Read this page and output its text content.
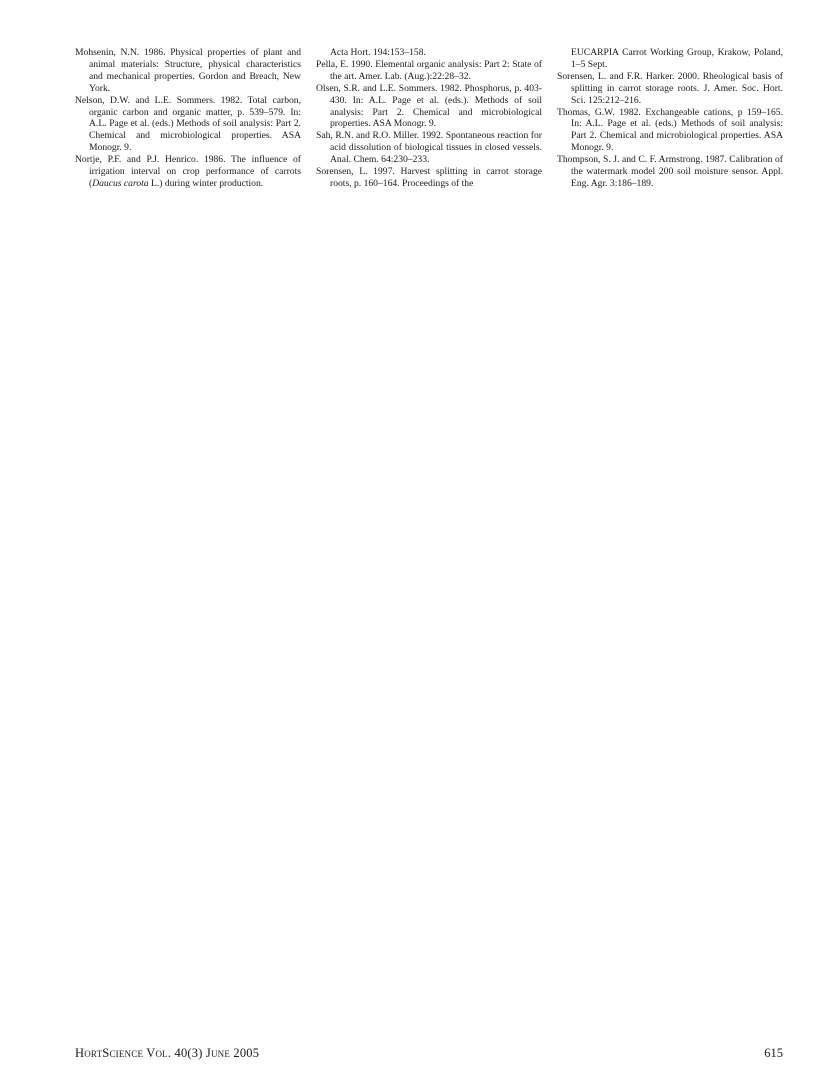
Mohsenin, N.N. 1986. Physical properties of plant and animal materials: Structure, physical characteristics and mechanical properties. Gordon and Breach, New York.

Nelson, D.W. and L.E. Sommers. 1982. Total carbon, organic carbon and organic matter, p. 539–579. In: A.L. Page et al. (eds.) Methods of soil analysis: Part 2. Chemical and microbiological properties. ASA Monogr. 9.

Nortje, P.F. and P.J. Henrico. 1986. The influence of irrigation interval on crop performance of carrots (Daucus carota L.) during winter production.

Acta Hort. 194:153–158.

Pella, E. 1990. Elemental organic analysis: Part 2: State of the art. Amer. Lab. (Aug.):22:28–32.

Olsen, S.R. and L.E. Sommers. 1982. Phosphorus, p. 403-430. In: A.L. Page et al. (eds.). Methods of soil analysis: Part 2. Chemical and microbiological properties. ASA Monogr. 9.

Sah, R.N. and R.O. Miller. 1992. Spontaneous reaction for acid dissolution of biological tissues in closed vessels. Anal. Chem. 64:230–233.

Sorensen, L. 1997. Harvest splitting in carrot storage roots, p. 160–164. Proceedings of the

EUCARPIA Carrot Working Group, Krakow, Poland, 1–5 Sept.

Sorensen, L. and F.R. Harker. 2000. Rheological basis of splitting in carrot storage roots. J. Amer. Soc. Hort. Sci. 125:212–216.

Thomas, G.W. 1982. Exchangeable cations, p 159–165. In: A.L. Page et al. (eds.) Methods of soil analysis: Part 2. Chemical and microbiological properties. ASA Monogr. 9.

Thompson, S. J. and C. F. Armstrong. 1987. Calibration of the watermark model 200 soil moisture sensor. Appl. Eng. Agr. 3:186–189.

HortScience Vol. 40(3) June 2005	615
